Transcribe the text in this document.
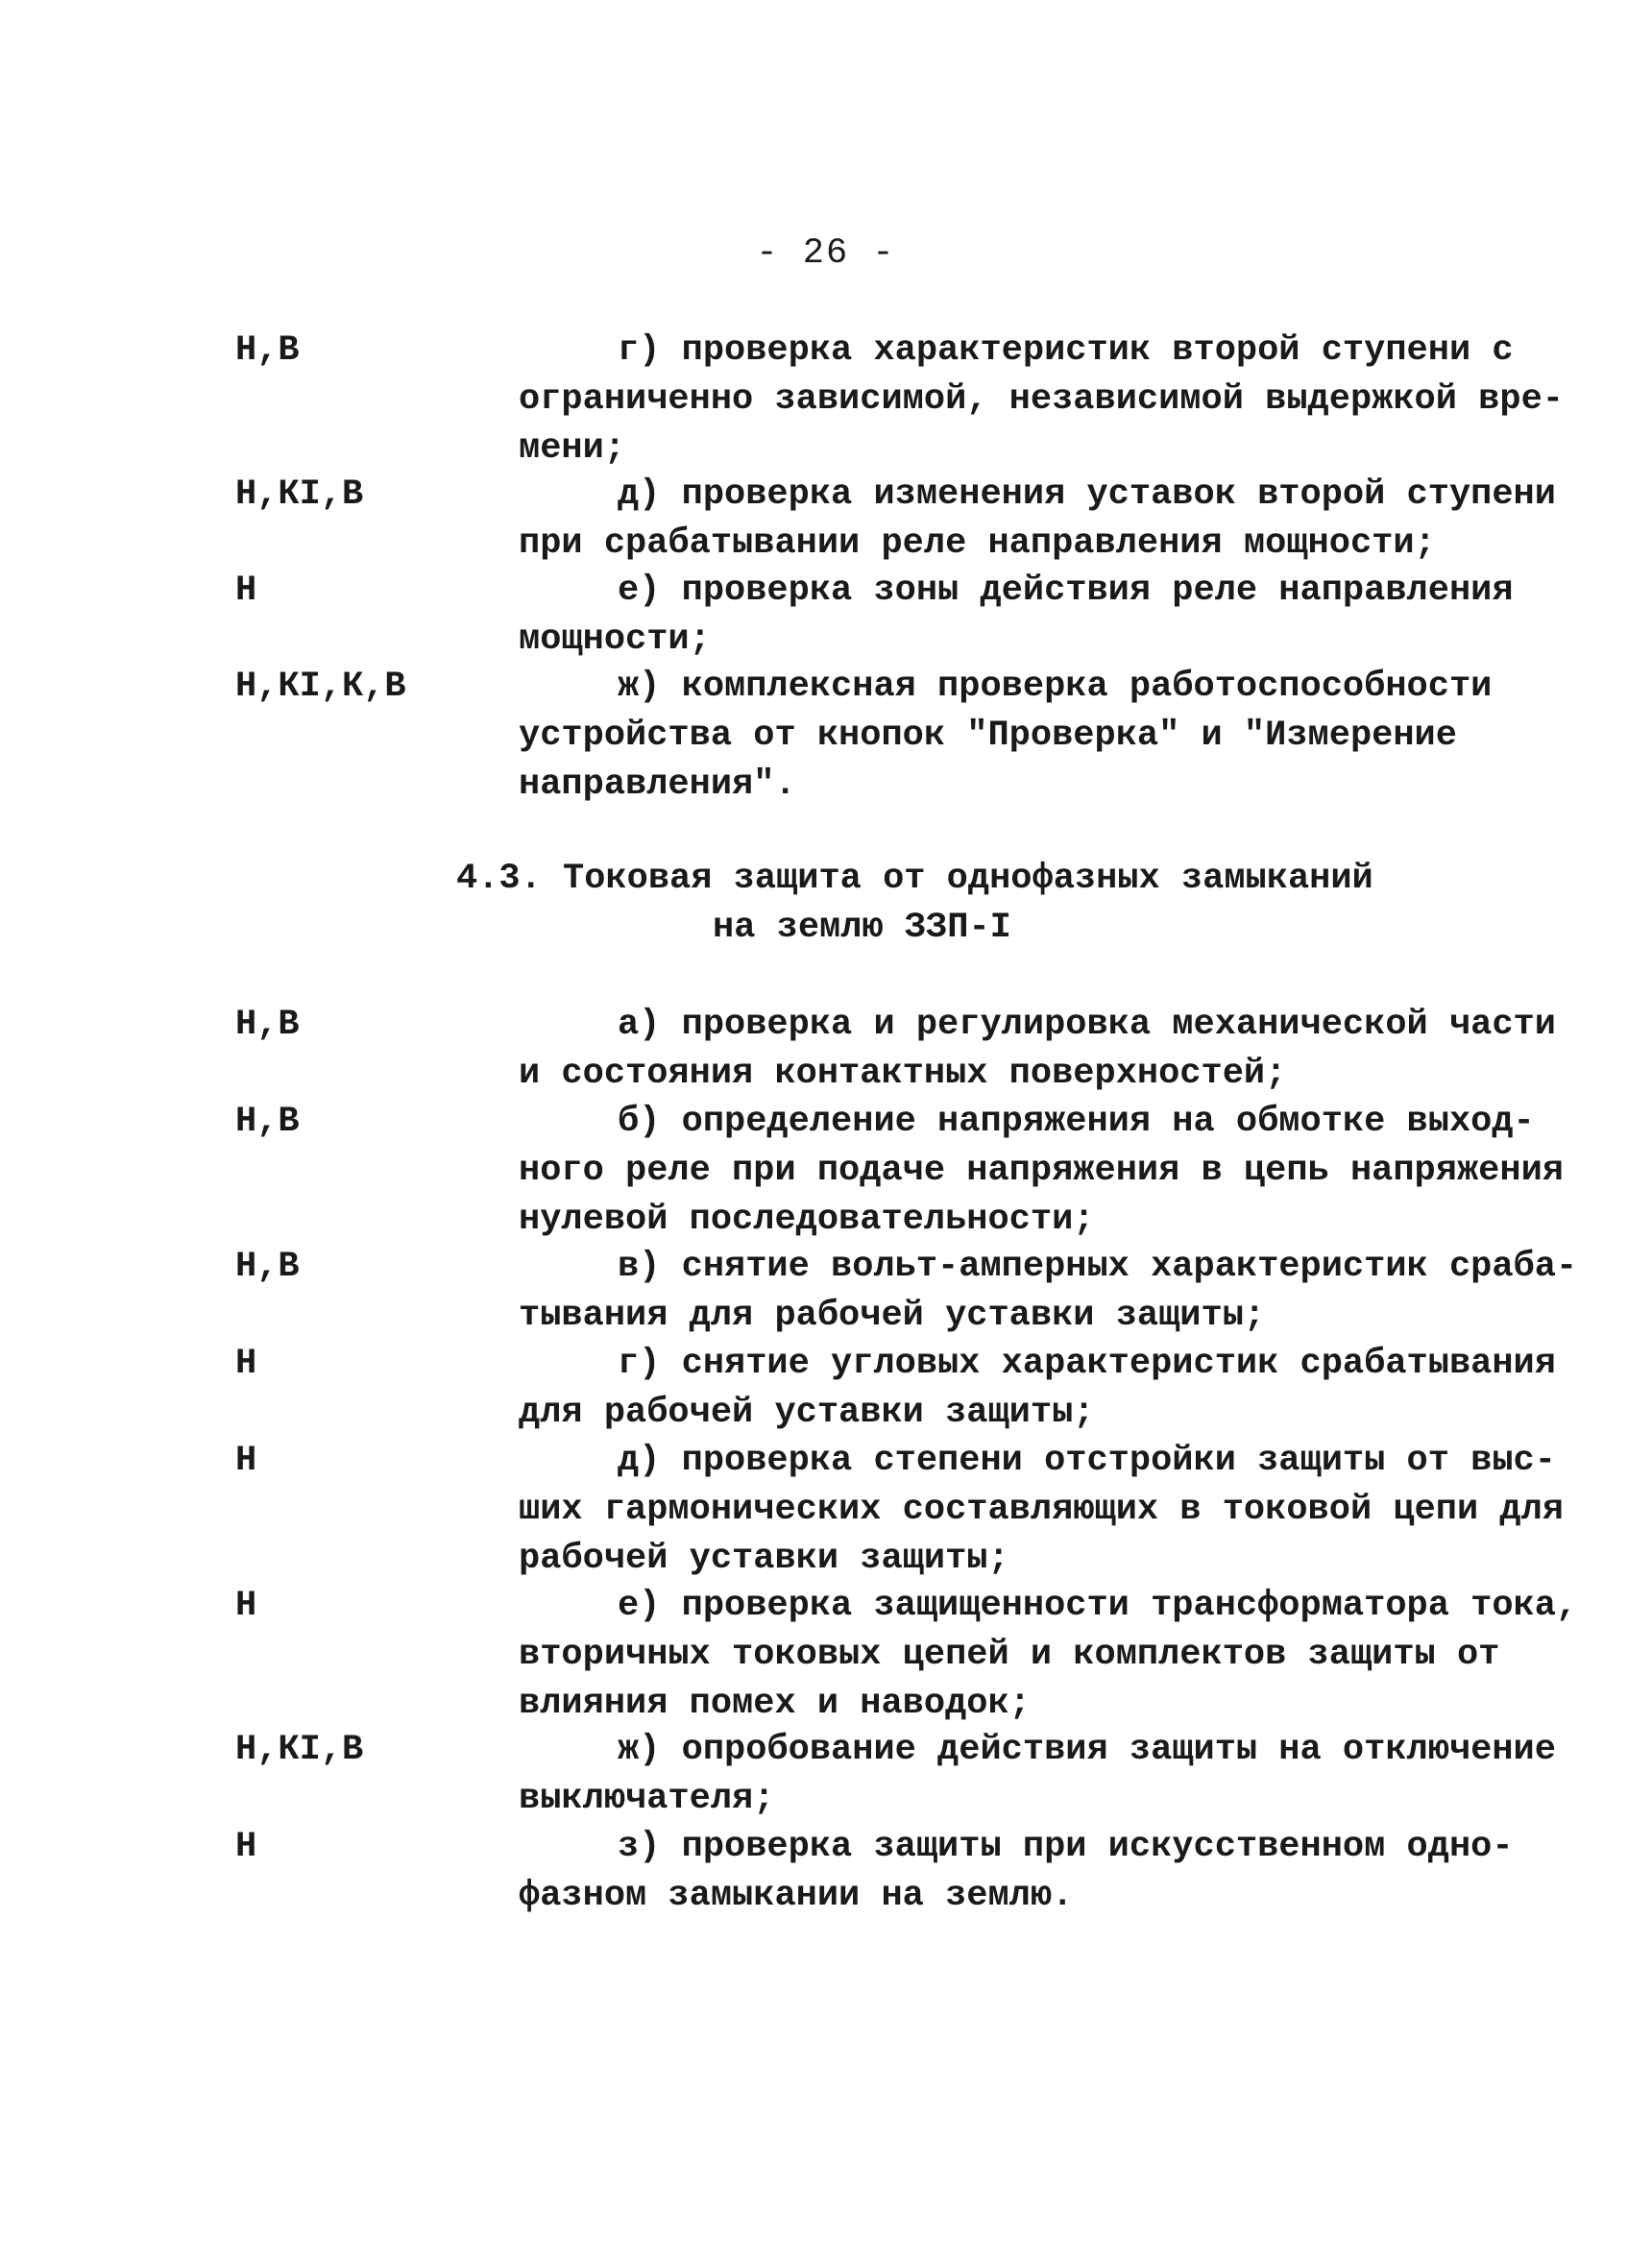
- 26 -
Н,В	г) проверка характеристик второй ступени с
ограниченно зависимой, независимой выдержкой вре-
мени;
Н,КI,В	д) проверка изменения уставок второй ступени
при срабатывании реле направления мощности;
Н	е) проверка зоны действия реле направления
мощности;
Н,КI,К,В	ж) комплексная проверка работоспособности
устройства от кнопок "Проверка" и "Измерение
направления".
4.3. Токовая защита от однофазных замыканий
на землю ЗЗП-I
Н,В	а) проверка и регулировка механической части
и состояния контактных поверхностей;
Н,В	б) определение напряжения на обмотке выход-
ного реле при подаче напряжения в цепь напряжения
нулевой последовательности;
Н,В	в) снятие вольт-амперных характеристик сраба-
тывания для рабочей уставки защиты;
Н	г) снятие угловых характеристик срабатывания
для рабочей уставки защиты;
Н	д) проверка степени отстройки защиты от выс-
ших гармонических составляющих в токовой цепи для
рабочей уставки защиты;
Н	е) проверка защищенности трансформатора тока,
вторичных токовых цепей и комплектов защиты от
влияния помех и наводок;
Н,КI,В	ж) опробование действия защиты на отключение
выключателя;
Н	з) проверка защиты при искусственном одно-
фазном замыкании на землю.
